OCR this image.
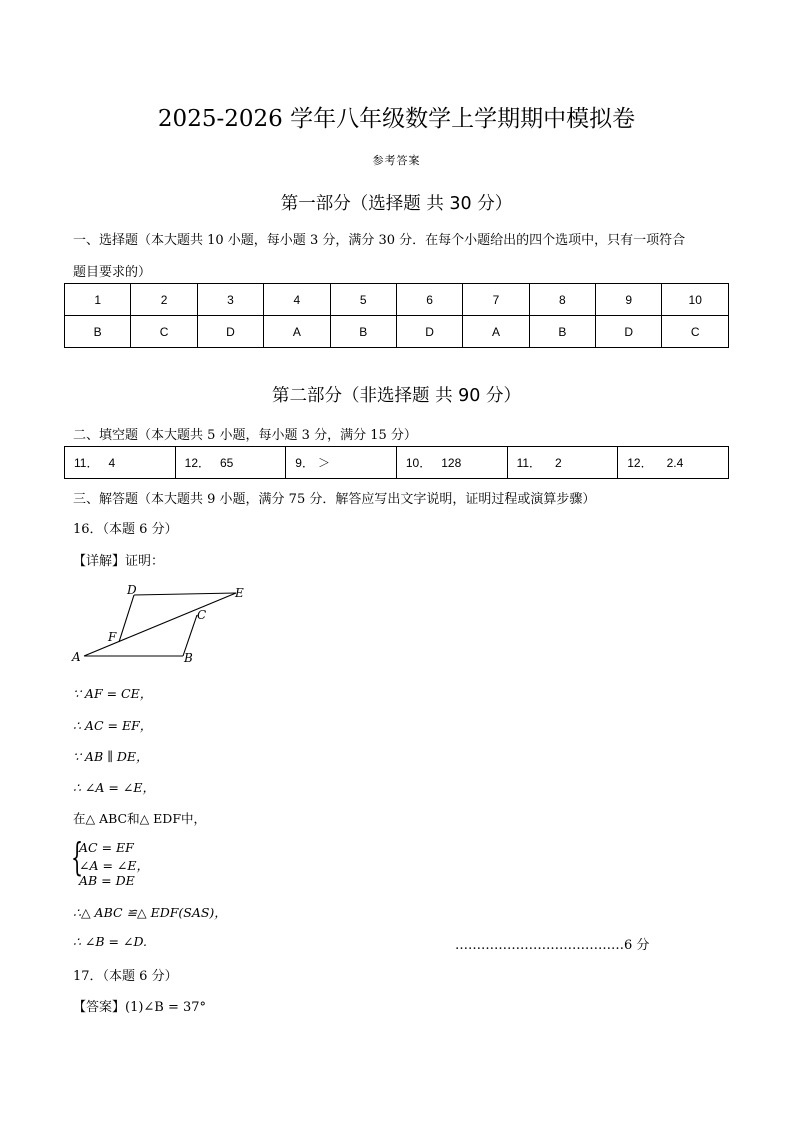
2025-2026 学年八年级数学上学期期中模拟卷
参考答案
第一部分（选择题 共 30 分）
一、选择题（本大题共 10 小题，每小题 3 分，满分 30 分．在每个小题给出的四个选项中，只有一项符合
题目要求的）
1	2	3	4	5	6	7	8	9	10
B	C	D	A	B	D	A	B	D	C
第二部分（非选择题 共 90 分）
二、填空题（本大题共 5 小题，每小题 3 分，满分 15 分）
11． 4	12． 65	9． ＞	10． 128	11． 2	12． 2.4
三、解答题（本大题共 9 小题，满分 75 分．解答应写出文字说明，证明过程或演算步骤）
16．（本题 6 分）
【详解】证明：
D	E
C
F
A	B
∵ AF = CE，
∴ AC = EF，
∵ AB ∥ DE，
∴ ∠A = ∠E，
在△ ABC和△ EDF中，
{
AC = EF
∠A = ∠E，
AB = DE
∴△ ABC ≌△ EDF(SAS)，
∴ ∠B = ∠D.	…………………………………6 分
17．（本题 6 分）
【答案】(1)∠B = 37°
